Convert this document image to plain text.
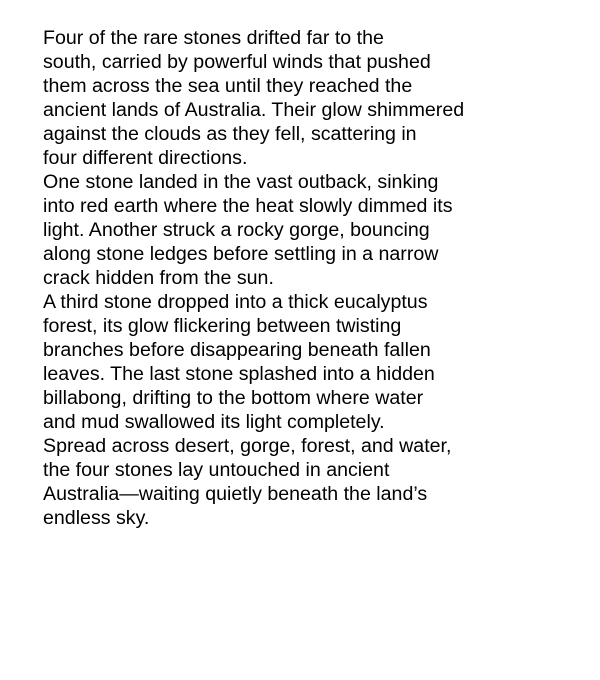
Four of the rare stones drifted far to the
south, carried by powerful winds that pushed
them across the sea until they reached the
ancient lands of Australia. Their glow shimmered
against the clouds as they fell, scattering in
four different directions.

One stone landed in the vast outback, sinking
into red earth where the heat slowly dimmed its
light. Another struck a rocky gorge, bouncing
along stone ledges before settling in a narrow
crack hidden from the sun.

A third stone dropped into a thick eucalyptus
forest, its glow flickering between twisting
branches before disappearing beneath fallen
leaves. The last stone splashed into a hidden
billabong, drifting to the bottom where water
and mud swallowed its light completely.

Spread across desert, gorge, forest, and water,
the four stones lay untouched in ancient
Australia—waiting quietly beneath the land’s
endless sky.
